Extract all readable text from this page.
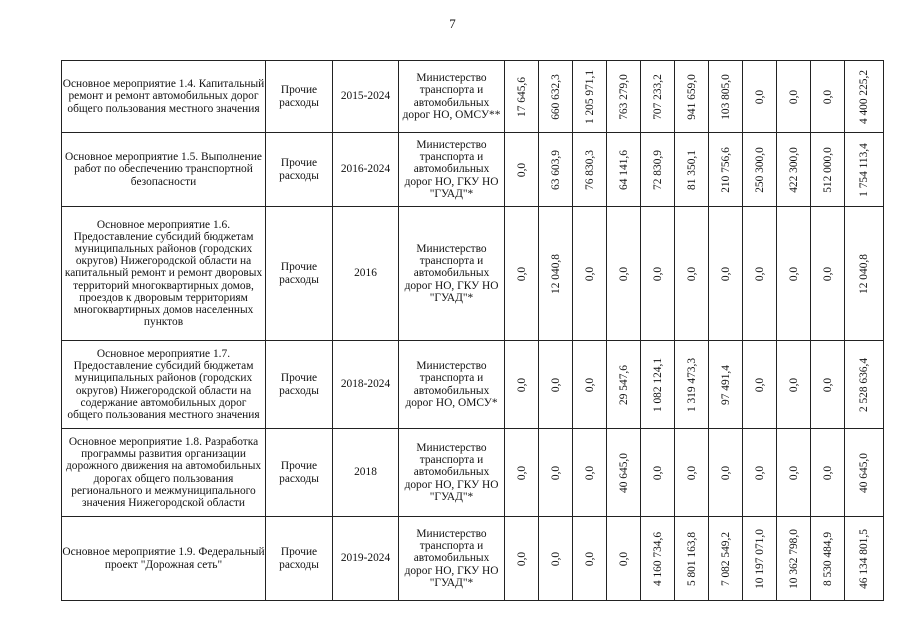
7
Основное мероприятие 1.4. Капитальный ремонт и ремонт автомобильных дорог общего пользования местного значения	Прочие расходы	2015-2024	Министерство транспорта и автомобильных дорог НО, ОМСУ**	17 645,6	660 632,3	1 205 971,1	763 279,0	707 233,2	941 659,0	103 805,0	0,0	0,0	0,0	4 400 225,2

Основное мероприятие 1.5. Выполнение работ по обеспечению транспортной безопасности	Прочие расходы	2016-2024	Министерство транспорта и автомобильных дорог НО, ГКУ НО "ГУАД"*	0,0	63 603,9	76 830,3	64 141,6	72 830,9	81 350,1	210 756,6	250 300,0	422 300,0	512 000,0	1 754 113,4

Основное мероприятие 1.6. Предоставление субсидий бюджетам муниципальных районов (городских округов) Нижегородской области на капитальный ремонт и ремонт дворовых территорий многоквартирных домов, проездов к дворовым территориям многоквартирных домов населенных пунктов	Прочие расходы	2016	Министерство транспорта и автомобильных дорог НО, ГКУ НО "ГУАД"*	0,0	12 040,8	0,0	0,0	0,0	0,0	0,0	0,0	0,0	0,0	12 040,8

Основное мероприятие 1.7. Предоставление субсидий бюджетам муниципальных районов (городских округов) Нижегородской области на содержание автомобильных дорог общего пользования местного значения	Прочие расходы	2018-2024	Министерство транспорта и автомобильных дорог НО, ОМСУ*	0,0	0,0	0,0	29 547,6	1 082 124,1	1 319 473,3	97 491,4	0,0	0,0	0,0	2 528 636,4

Основное мероприятие 1.8. Разработка программы развития организации дорожного движения на автомобильных дорогах общего пользования регионального и межмуниципального значения Нижегородской области	Прочие расходы	2018	Министерство транспорта и автомобильных дорог НО, ГКУ НО "ГУАД"*	0,0	0,0	0,0	40 645,0	0,0	0,0	0,0	0,0	0,0	0,0	40 645,0

Основное мероприятие 1.9. Федеральный проект "Дорожная сеть"	Прочие расходы	2019-2024	Министерство транспорта и автомобильных дорог НО, ГКУ НО "ГУАД"*	0,0	0,0	0,0	0,0	4 160 734,6	5 801 163,8	7 082 549,2	10 197 071,0	10 362 798,0	8 530 484,9	46 134 801,5
